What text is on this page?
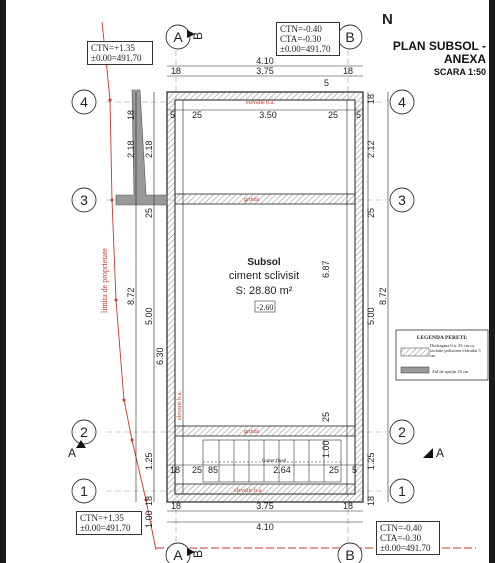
A	B
A	B
4
3
2
1
4
3
2
1
A	A
B
B
Subsol
ciment sclivisit
S: 28.80 m²
-2.60
4.10
3.75
18	18
3.75
4.10
18	18
5 25	3.50	25 5
5
18
2.18 2.18
25
5.00
8.72
1.25
1.00
18
18
2.12
25
5.00
8.72
1.25
18
6.87
6.30
25
1.00
25 85	2.64	25 5
18
elevatie b.a.
grinda
grinda
elevatie b.a.
elevatie b.a.
limita de proprietate
Gutter fixed
N
LEGENDA PERETI:
Diafragma b.a. 25 cm cu izolatie polistiren extrudat 5 cm
Zid de sprijin 25 cm
CTN=+1.35
±0.00=491.70
CTN=-0.40
CTA=-0.30
±0.00=491.70
CTN=+1.35
±0.00=491.70	CTN=-0.40
CTA=-0.30
±0.00=491.70
PLAN SUBSOL -
ANEXA
SCARA 1:50
